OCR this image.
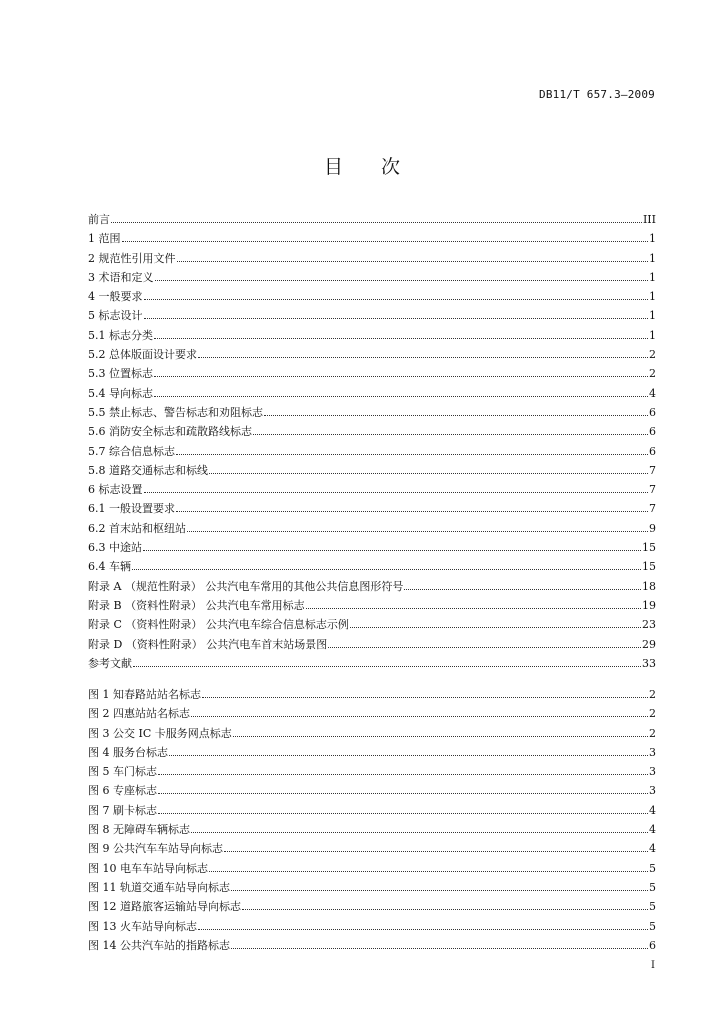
DB11/T 657.3—2009
目次
前言	III
1 范围	1
2 规范性引用文件	1
3 术语和定义	1
4 一般要求	1
5 标志设计	1
5.1 标志分类	1
5.2 总体版面设计要求	2
5.3 位置标志	2
5.4 导向标志	4
5.5 禁止标志、警告标志和劝阻标志	6
5.6 消防安全标志和疏散路线标志	6
5.7 综合信息标志	6
5.8 道路交通标志和标线	7
6 标志设置	7
6.1 一般设置要求	7
6.2 首末站和枢纽站	9
6.3 中途站	15
6.4 车辆	15
附录 A （规范性附录） 公共汽电车常用的其他公共信息图形符号	18
附录 B （资料性附录） 公共汽电车常用标志	19
附录 C （资料性附录） 公共汽电车综合信息标志示例	23
附录 D （资料性附录） 公共汽电车首末站场景图	29
参考文献	33
图 1 知春路站站名标志	2
图 2 四惠站站名标志	2
图 3 公交 IC 卡服务网点标志	2
图 4 服务台标志	3
图 5 车门标志	3
图 6 专座标志	3
图 7 刷卡标志	4
图 8 无障碍车辆标志	4
图 9 公共汽车车站导向标志	4
图 10 电车车站导向标志	5
图 11 轨道交通车站导向标志	5
图 12 道路旅客运输站导向标志	5
图 13 火车站导向标志	5
图 14 公共汽车站的指路标志	6
I
